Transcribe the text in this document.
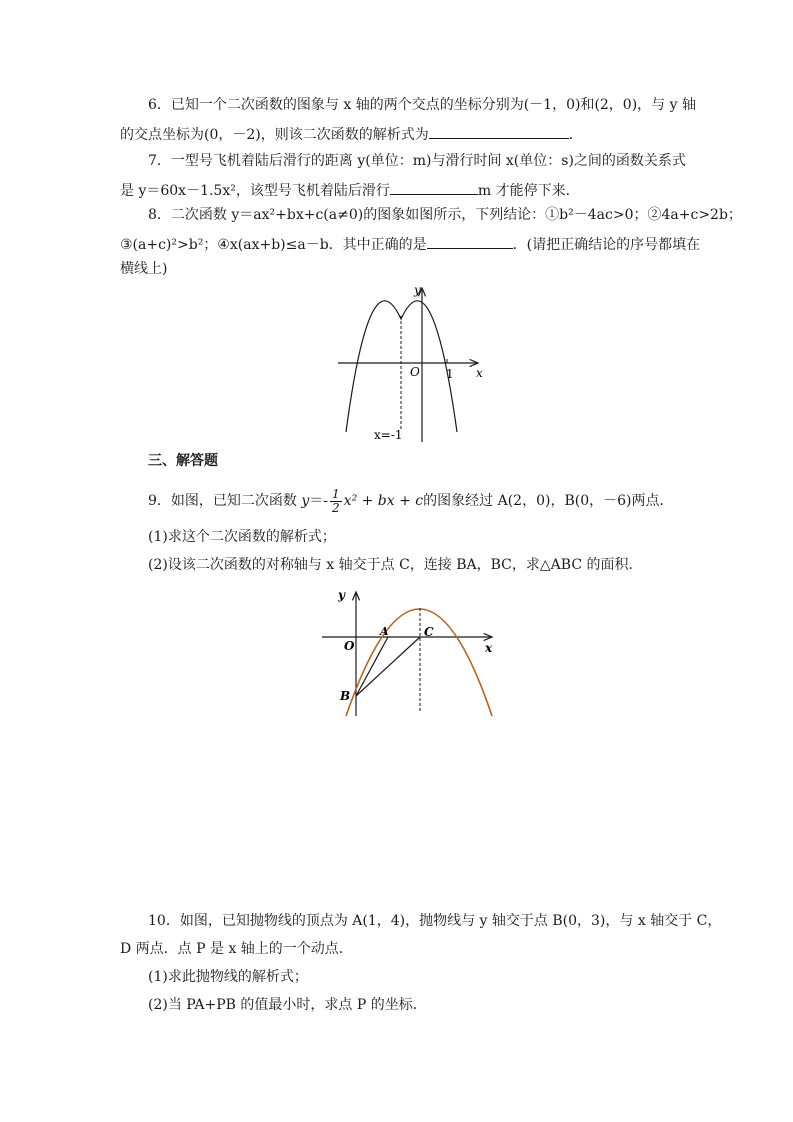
6．已知一个二次函数的图象与 x 轴的两个交点的坐标分别为(－1，0)和(2，0)，与 y 轴
的交点坐标为(0，－2)，则该二次函数的解析式为	．
7．一型号飞机着陆后滑行的距离 y(单位：m)与滑行时间 x(单位：s)之间的函数关系式
是 y＝60x－1.5x²，该型号飞机着陆后滑行	m 才能停下来．
8．二次函数 y＝ax²+bx+c(a≠0)的图象如图所示，下列结论：①b²－4ac>0；②4a+c>2b；
③(a+c)²>b²；④x(ax+b)≤a－b．其中正确的是	．(请把正确结论的序号都填在
横线上)
y
x
O 1
x=-1
三、解答题
9．如图，已知二次函数 $y=- \frac{1}{2} x^2$ + bx + c的图象经过 A(2，0)，B(0，－6)两点．
(1)求这个二次函数的解析式；
(2)设该二次函数的对称轴与 x 轴交于点 C，连接 BA，BC，求△ABC 的面积．
y
x
O
A	C
B
10．如图，已知抛物线的顶点为 A(1，4)，抛物线与 y 轴交于点 B(0，3)，与 x 轴交于 C，
D 两点．点 P 是 x 轴上的一个动点．
(1)求此抛物线的解析式；
(2)当 PA+PB 的值最小时，求点 P 的坐标．
